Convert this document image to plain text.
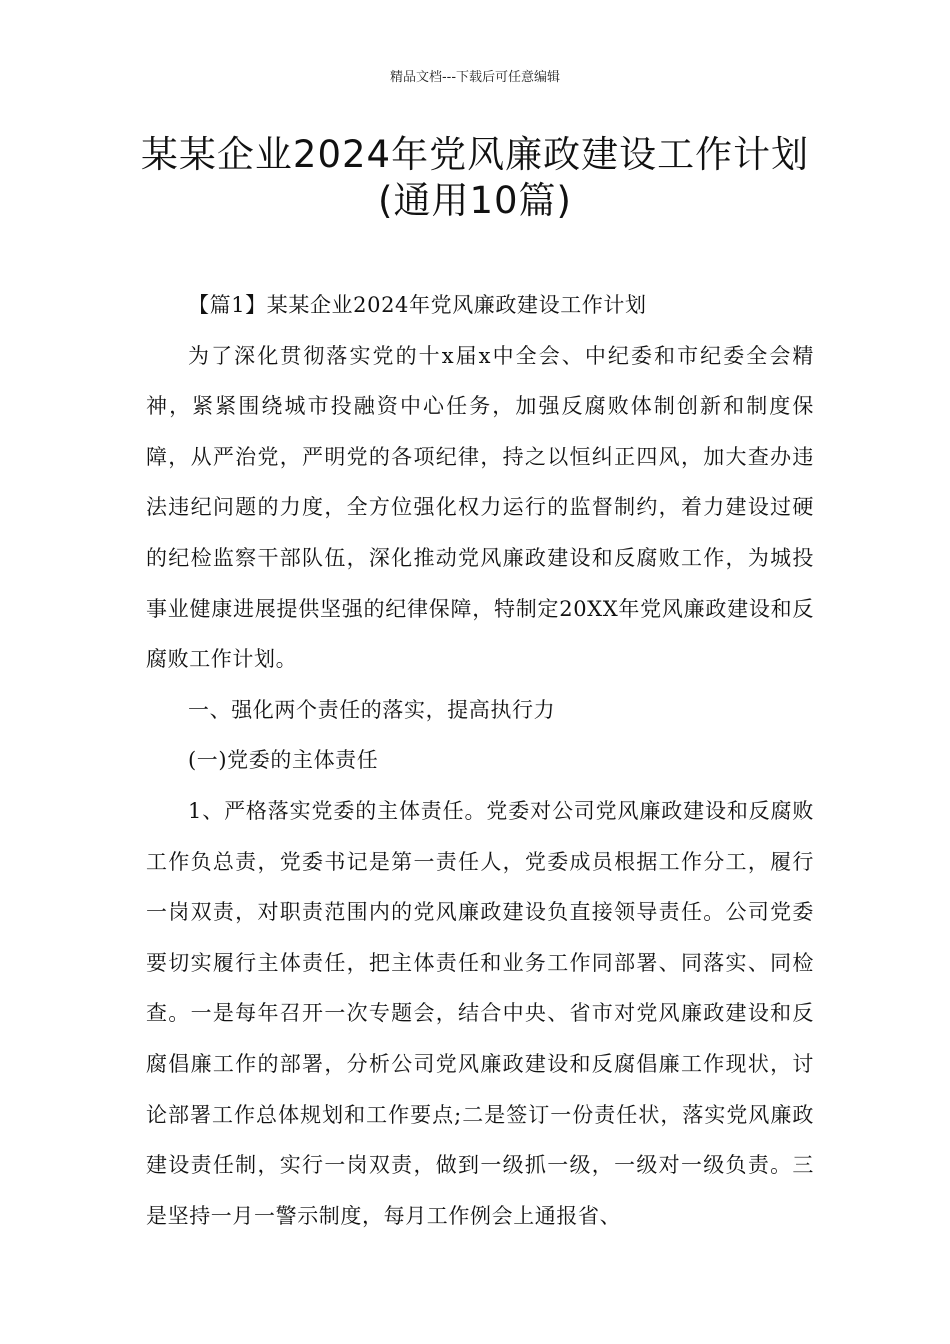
精品文档---下载后可任意编辑
某某企业2024年党风廉政建设工作计划(通用10篇)

【篇1】某某企业2024年党风廉政建设工作计划

为了深化贯彻落实党的十x届x中全会、中纪委和市纪委全会精神，紧紧围绕城市投融资中心任务，加强反腐败体制创新和制度保障，从严治党，严明党的各项纪律，持之以恒纠正四风，加大查办违法违纪问题的力度，全方位强化权力运行的监督制约，着力建设过硬的纪检监察干部队伍，深化推动党风廉政建设和反腐败工作，为城投事业健康进展提供坚强的纪律保障，特制定20XX年党风廉政建设和反腐败工作计划。

一、强化两个责任的落实，提高执行力

(一)党委的主体责任

1、严格落实党委的主体责任。党委对公司党风廉政建设和反腐败工作负总责，党委书记是第一责任人，党委成员根据工作分工，履行一岗双责，对职责范围内的党风廉政建设负直接领导责任。公司党委要切实履行主体责任，把主体责任和业务工作同部署、同落实、同检查。一是每年召开一次专题会，结合中央、省市对党风廉政建设和反腐倡廉工作的部署，分析公司党风廉政建设和反腐倡廉工作现状，讨论部署工作总体规划和工作要点;二是签订一份责任状，落实党风廉政建设责任制，实行一岗双责，做到一级抓一级，一级对一级负责。三是坚持一月一警示制度，每月工作例会上通报省、
